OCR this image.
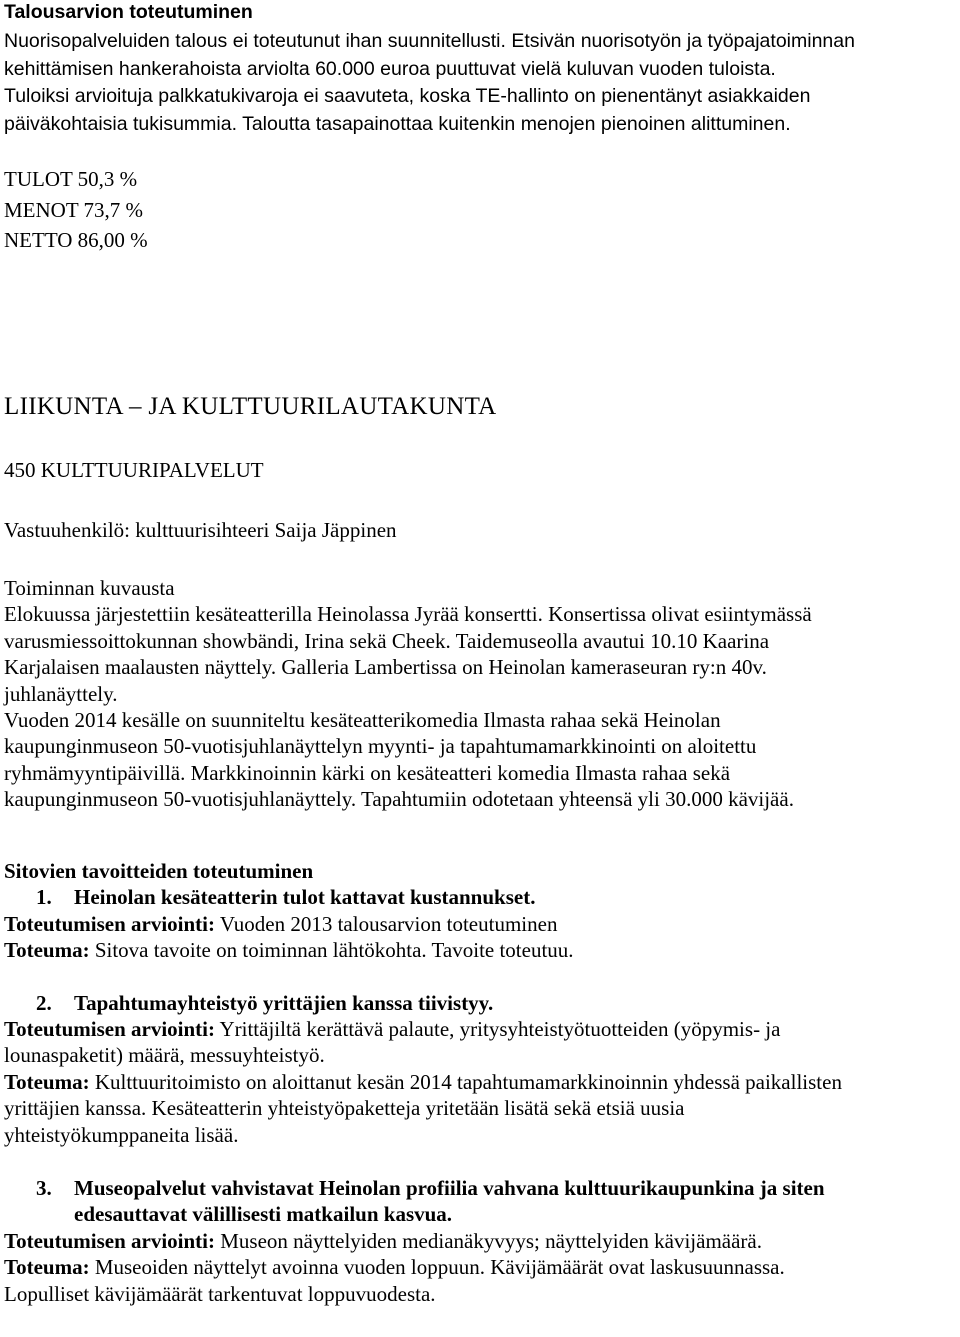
Talousarvion toteutuminen

Nuorisopalveluiden talous ei toteutunut ihan suunnitellusti. Etsivän nuorisotyön ja työpajatoiminnan

kehittämisen hankerahoista arviolta 60.000 euroa puuttuvat vielä kuluvan vuoden tuloista.

Tuloiksi arvioituja palkkatukivaroja ei saavuteta, koska TE-hallinto on pienentänyt asiakkaiden

päiväkohtaisia tukisummia. Taloutta tasapainottaa kuitenkin menojen pienoinen alittuminen.

TULOT 50,3 %

MENOT 73,7 %

NETTO 86,00 %

LIIKUNTA – JA KULTTUURILAUTAKUNTA
450 KULTTUURIPALVELUT
Vastuuhenkilö: kulttuurisihteeri Saija Jäppinen

Toiminnan kuvausta

Elokuussa järjestettiin kesäteatterilla Heinolassa Jyrää konsertti. Konsertissa olivat esiintymässä

varusmiessoittokunnan showbändi, Irina sekä Cheek. Taidemuseolla avautui 10.10 Kaarina

Karjalaisen maalausten näyttely. Galleria Lambertissa on Heinolan kameraseuran ry:n 40v.

juhlanäyttely.

Vuoden 2014 kesälle on suunniteltu kesäteatterikomedia Ilmasta rahaa sekä Heinolan

kaupunginmuseon 50-vuotisjuhlanäyttelyn myynti- ja tapahtumamarkkinointi on aloitettu

ryhmämyyntipäivillä. Markkinoinnin kärki on kesäteatteri komedia Ilmasta rahaa sekä

kaupunginmuseon 50-vuotisjuhlanäyttely. Tapahtumiin odotetaan yhteensä yli 30.000 kävijää.

Sitovien tavoitteiden toteutuminen

1. Heinolan kesäteatterin tulot kattavat kustannukset.

Toteutumisen arviointi: Vuoden 2013 talousarvion toteutuminen

Toteuma: Sitova tavoite on toiminnan lähtökohta. Tavoite toteutuu.

2. Tapahtumayhteistyö yrittäjien kanssa tiivistyy.

Toteutumisen arviointi: Yrittäjiltä kerättävä palaute, yritysyhteistyötuotteiden (yöpymis- ja

lounaspaketit) määrä, messuyhteistyö.

Toteuma: Kulttuuritoimisto on aloittanut kesän 2014 tapahtumamarkkinoinnin yhdessä paikallisten

yrittäjien kanssa. Kesäteatterin yhteistyöpaketteja yritetään lisätä sekä etsiä uusia

yhteistyökumppaneita lisää.

3. Museopalvelut vahvistavat Heinolan profiilia vahvana kulttuurikaupunkina ja siten

edesauttavat välillisesti matkailun kasvua.

Toteutumisen arviointi: Museon näyttelyiden medianäkyvyys; näyttelyiden kävijämäärä.

Toteuma: Museoiden näyttelyt avoinna vuoden loppuun. Kävijämäärät ovat laskusuunnassa.

Lopulliset kävijämäärät tarkentuvat loppuvuodesta.
